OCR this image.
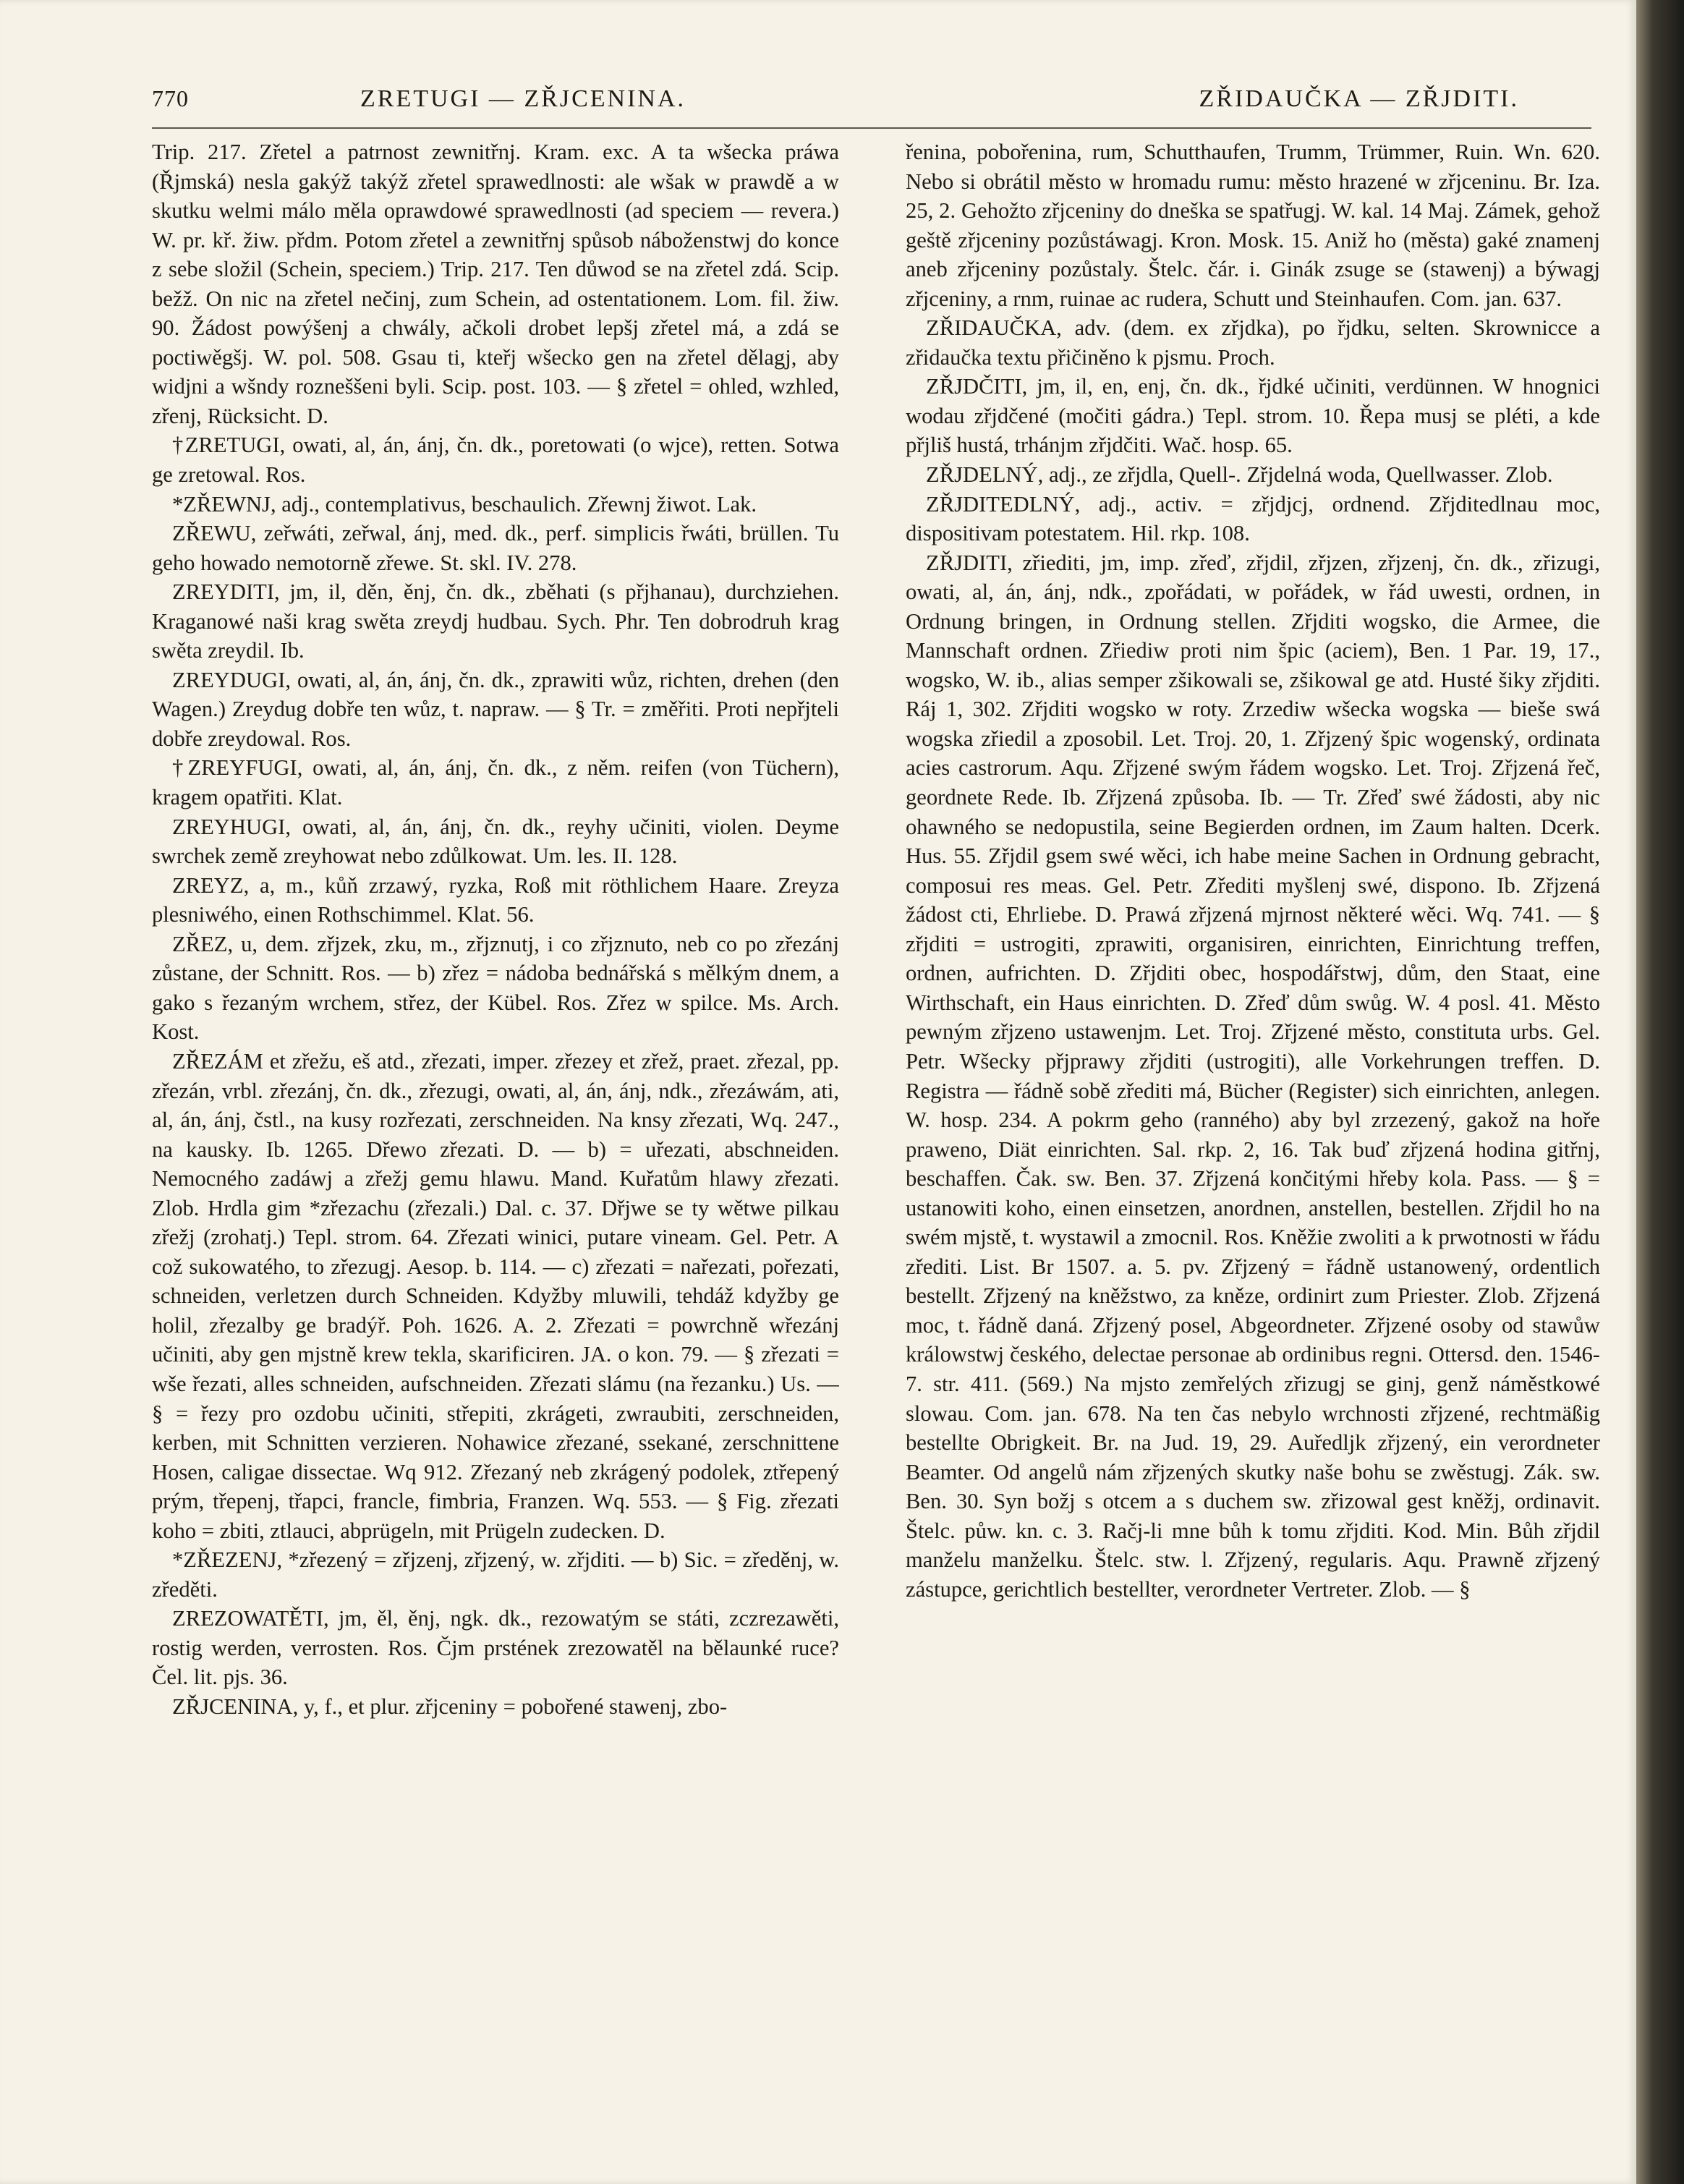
770	ZRETUGI — ZŘJCENINA.	ZŘIDAUČKA — ZŘJDITI.

Trip. 217. Zřetel a patrnost zewnitřnj. Kram. exc. A ta wšecka práwa (Řjmská) nesla gakýž takýž zřetel sprawedlnosti: ale wšak w prawdě a w skutku welmi málo měla oprawdowé sprawedlnosti (ad speciem — revera.) W. pr. kř. žiw. přdm. Potom zřetel a zewnitřnj spůsob náboženstwj do konce z sebe složil (Schein, speciem.) Trip. 217. Ten důwod se na zřetel zdá. Scip. bežž. On nic na zřetel nečinj, zum Schein, ad ostentationem. Lom. fil. žiw. 90. Žádost powýšenj a chwály, ačkoli drobet lepšj zřetel má, a zdá se poctiwěgšj. W. pol. 508. Gsau ti, kteřj wšecko gen na zřetel dělagj, aby widjni a wšndy rozneššeni byli. Scip. post. 103. — § zřetel = ohled, wzhled, zřenj, Rücksicht. D.

†ZRETUGI, owati, al, án, ánj, čn. dk., poretowati (o wjce), retten. Sotwa ge zretowal. Ros.

*ZŘEWNJ, adj., contemplativus, beschaulich. Zřewnj žiwot. Lak.

ZŘEWU, zeřwáti, zeřwal, ánj, med. dk., perf. simplicis řwáti, brüllen. Tu geho howado nemotorně zřewe. St. skl. IV. 278.

ZREYDITI, jm, il, děn, ěnj, čn. dk., zběhati (s přjhanau), durchziehen. Kraganowé naši krag swěta zreydj hudbau. Sych. Phr. Ten dobrodruh krag swěta zreydil. Ib.

ZREYDUGI, owati, al, án, ánj, čn. dk., zprawiti wůz, richten, drehen (den Wagen.) Zreydug dobře ten wůz, t. napraw. — § Tr. = změřiti. Proti nepřjteli dobře zreydowal. Ros.

†ZREYFUGI, owati, al, án, ánj, čn. dk., z něm. reifen (von Tüchern), kragem opatřiti. Klat.

ZREYHUGI, owati, al, án, ánj, čn. dk., reyhy učiniti, violen. Deyme swrchek země zreyhowat nebo zdůlkowat. Um. les. II. 128.

ZREYZ, a, m., kůň zrzawý, ryzka, Roß mit röthlichem Haare. Zreyza plesniwého, einen Rothschimmel. Klat. 56.

ZŘEZ, u, dem. zřjzek, zku, m., zřjznutj, i co zřjznuto, neb co po zřezánj zůstane, der Schnitt. Ros. — b) zřez = nádoba bednářská s mělkým dnem, a gako s řezaným wrchem, střez, der Kübel. Ros. Zřez w spilce. Ms. Arch. Kost.

ZŘEZÁM et zřežu, eš atd., zřezati, imper. zřezey et zřež, praet. zřezal, pp. zřezán, vrbl. zřezánj, čn. dk., zřezugi, owati, al, án, ánj, ndk., zřezáwám, ati, al, án, ánj, čstl., na kusy rozřezati, zerschneiden. Na knsy zřezati, Wq. 247., na kausky. Ib. 1265. Dřewo zřezati. D. — b) = uřezati, abschneiden. Nemocného zadáwj a zřežj gemu hlawu. Mand. Kuřatům hlawy zřezati. Zlob. Hrdla gim *zřezachu (zřezali.) Dal. c. 37. Dřjwe se ty wětwe pilkau zřežj (zrohatj.) Tepl. strom. 64. Zřezati winici, putare vineam. Gel. Petr. A což sukowatého, to zřezugj. Aesop. b. 114. — c) zřezati = nařezati, pořezati, schneiden, verletzen durch Schneiden. Kdyžby mluwili, tehdáž kdyžby ge holil, zřezalby ge bradýř. Poh. 1626. A. 2. Zřezati = powrchně wřezánj učiniti, aby gen mjstně krew tekla, skarificiren. JA. o kon. 79. — § zřezati = wše řezati, alles schneiden, aufschneiden. Zřezati slámu (na řezanku.) Us. — § = řezy pro ozdobu učiniti, střepiti, zkrágeti, zwraubiti, zerschneiden, kerben, mit Schnitten verzieren. Nohawice zřezané, ssekané, zerschnittene Hosen, caligae dissectae. Wq 912. Zřezaný neb zkrágený podolek, ztřepený prým, třepenj, třapci, francle, fimbria, Franzen. Wq. 553. — § Fig. zřezati koho = zbiti, ztlauci, abprügeln, mit Prügeln zudecken. D.

*ZŘEZENJ, *zřezený = zřjzenj, zřjzený, w. zřjditi. — b) Sic. = zředěnj, w. zředěti.

ZREZOWATĚTI, jm, ěl, ěnj, ngk. dk., rezowatým se státi, zczrezawěti, rostig werden, verrosten. Ros. Čjm prstének zrezowatěl na bělaunké ruce? Čel. lit. pjs. 36.

ZŘJCENINA, y, f., et plur. zřjceniny = pobořené stawenj, zbo-

řenina, pobořenina, rum, Schutthaufen, Trumm, Trümmer, Ruin. Wn. 620. Nebo si obrátil město w hromadu rumu: město hrazené w zřjceninu. Br. Iza. 25, 2. Gehožto zřjceniny do dneška se spatřugj. W. kal. 14 Maj. Zámek, gehož geště zřjceniny pozůstáwagj. Kron. Mosk. 15. Aniž ho (města) gaké znamenj aneb zřjceniny pozůstaly. Štelc. čár. i. Ginák zsuge se (stawenj) a býwagj zřjceniny, a rnm, ruinae ac rudera, Schutt und Steinhaufen. Com. jan. 637.

ZŘIDAUČKA, adv. (dem. ex zřjdka), po řjdku, selten. Skrownicce a zřidaučka textu přičiněno k pjsmu. Proch.

ZŘJDČITI, jm, il, en, enj, čn. dk., řjdké učiniti, verdünnen. W hnognici wodau zřjdčené (močiti gádra.) Tepl. strom. 10. Řepa musj se pléti, a kde přjliš hustá, trhánjm zřjdčiti. Wač. hosp. 65.

ZŘJDELNÝ, adj., ze zřjdla, Quell-. Zřjdelná woda, Quellwasser. Zlob.

ZŘJDITEDLNÝ, adj., activ. = zřjdjcj, ordnend. Zřjditedlnau moc, dispositivam potestatem. Hil. rkp. 108.

ZŘJDITI, zřiediti, jm, imp. zřeď, zřjdil, zřjzen, zřjzenj, čn. dk., zřizugi, owati, al, án, ánj, ndk., zpořádati, w pořádek, w řád uwesti, ordnen, in Ordnung bringen, in Ordnung stellen. Zřjditi wogsko, die Armee, die Mannschaft ordnen. Zřiediw proti nim špic (aciem), Ben. 1 Par. 19, 17., wogsko, W. ib., alias semper zšikowali se, zšikowal ge atd. Husté šiky zřjditi. Ráj 1, 302. Zřjditi wogsko w roty. Zrzediw wšecka wogska — bieše swá wogska zřiedil a zposobil. Let. Troj. 20, 1. Zřjzený špic wogenský, ordinata acies castrorum. Aqu. Zřjzené swým řádem wogsko. Let. Troj. Zřjzená řeč, geordnete Rede. Ib. Zřjzená způsoba. Ib. — Tr. Zřeď swé žádosti, aby nic ohawného se nedopustila, seine Begierden ordnen, im Zaum halten. Dcerk. Hus. 55. Zřjdil gsem swé wěci, ich habe meine Sachen in Ordnung gebracht, composui res meas. Gel. Petr. Zřediti myšlenj swé, dispono. Ib. Zřjzená žádost cti, Ehrliebe. D. Prawá zřjzená mjrnost některé wěci. Wq. 741. — § zřjditi = ustrogiti, zprawiti, organisiren, einrichten, Einrichtung treffen, ordnen, aufrichten. D. Zřjditi obec, hospodářstwj, dům, den Staat, eine Wirthschaft, ein Haus einrichten. D. Zřeď dům swůg. W. 4 posl. 41. Město pewným zřjzeno ustawenjm. Let. Troj. Zřjzené město, constituta urbs. Gel. Petr. Wšecky přjprawy zřjditi (ustrogiti), alle Vorkehrungen treffen. D. Registra — řádně sobě zřediti má, Bücher (Register) sich einrichten, anlegen. W. hosp. 234. A pokrm geho (ranného) aby byl zrzezený, gakož na hoře praweno, Diät einrichten. Sal. rkp. 2, 16. Tak buď zřjzená hodina gitřnj, beschaffen. Čak. sw. Ben. 37. Zřjzená končitými hřeby kola. Pass. — § = ustanowiti koho, einen einsetzen, anordnen, anstellen, bestellen. Zřjdil ho na swém mjstě, t. wystawil a zmocnil. Ros. Kněžie zwoliti a k prwotnosti w řádu zřediti. List. Br 1507. a. 5. pv. Zřjzený = řádně ustanowený, ordentlich bestellt. Zřjzený na kněžstwo, za kněze, ordinirt zum Priester. Zlob. Zřjzená moc, t. řádně daná. Zřjzený posel, Abgeordneter. Zřjzené osoby od stawůw králowstwj českého, delectae personae ab ordinibus regni. Ottersd. den. 1546-7. str. 411. (569.) Na mjsto zemřelých zřizugj se ginj, genž náměstkowé slowau. Com. jan. 678. Na ten čas nebylo wrchnosti zřjzené, rechtmäßig bestellte Obrigkeit. Br. na Jud. 19, 29. Auředljk zřjzený, ein verordneter Beamter. Od angelů nám zřjzených skutky naše bohu se zwěstugj. Zák. sw. Ben. 30. Syn božj s otcem a s duchem sw. zřizowal gest kněžj, ordinavit. Štelc. půw. kn. c. 3. Račj-li mne bůh k tomu zřjditi. Kod. Min. Bůh zřjdil manželu manželku. Štelc. stw. l. Zřjzený, regularis. Aqu. Prawně zřjzený zástupce, gerichtlich bestellter, verordneter Vertreter. Zlob. — §
